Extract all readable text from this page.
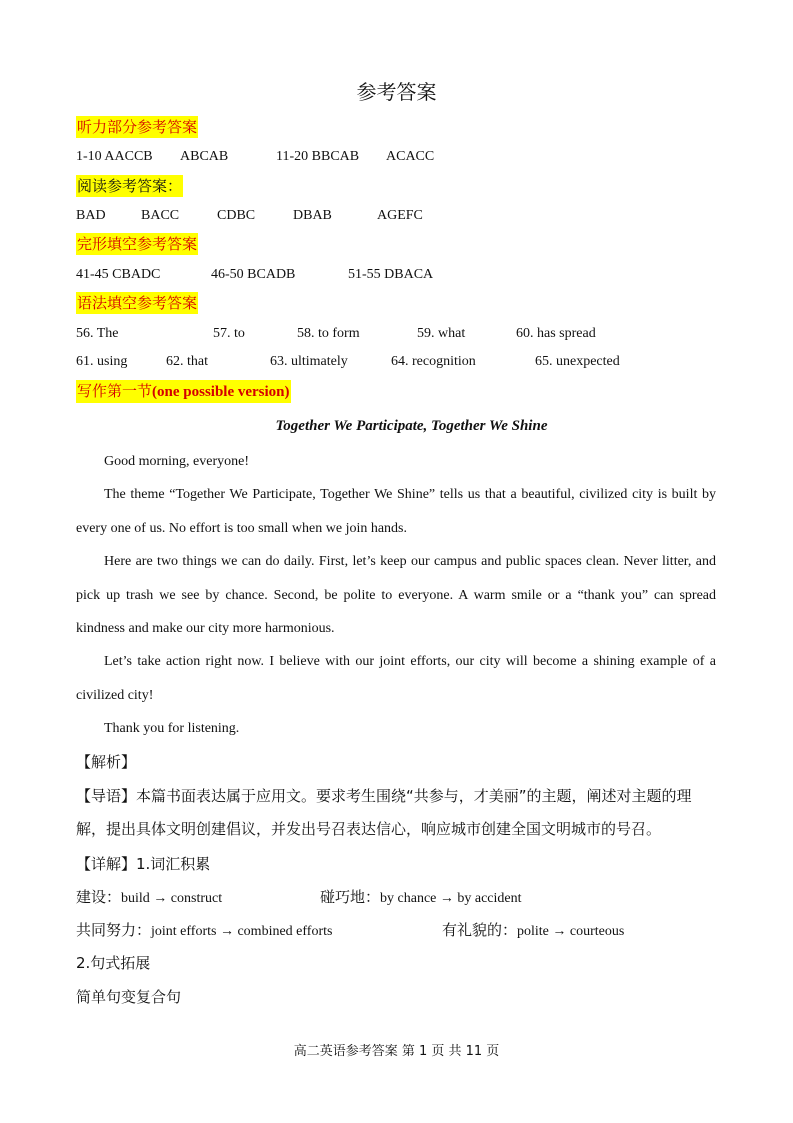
参考答案
听力部分参考答案
1-10 AACCB ABCAB	11-20 BBCAB ACACC
阅读参考答案：
BAD	BACC	CDBC	DBAB	AGEFC
完形填空参考答案
41-45 CBADC	46-50 BCADB	51-55 DBACA
语法填空参考答案
56. The	57. to	58. to form	59. what	60. has spread
61. using	62. that	63. ultimately	64. recognition	65. unexpected
写作第一节(one possible version)
Together We Participate, Together We Shine
Good morning, everyone!
The theme “Together We Participate, Together We Shine” tells us that a beautiful, civilized city is built by every one of us. No effort is too small when we join hands.
Here are two things we can do daily. First, let’s keep our campus and public spaces clean. Never litter, and pick up trash we see by chance. Second, be polite to everyone. A warm smile or a “thank you” can spread kindness and make our city more harmonious.
Let’s take action right now. I believe with our joint efforts, our city will become a shining example of a civilized city!
Thank you for listening.
【解析】
【导语】本篇书面表达属于应用文。要求考生围绕“共参与，才美丽”的主题，阐述对主题的理解，提出具体文明创建倡议，并发出号召表达信心，响应城市创建全国文明城市的号召。
【详解】1.词汇积累
建设：build → construct	碰巧地：by chance → by accident
共同努力：joint efforts → combined efforts	有礼貌的：polite → courteous
2.句式拓展
简单句变复合句
高二英语参考答案 第 1 页 共 11 页
